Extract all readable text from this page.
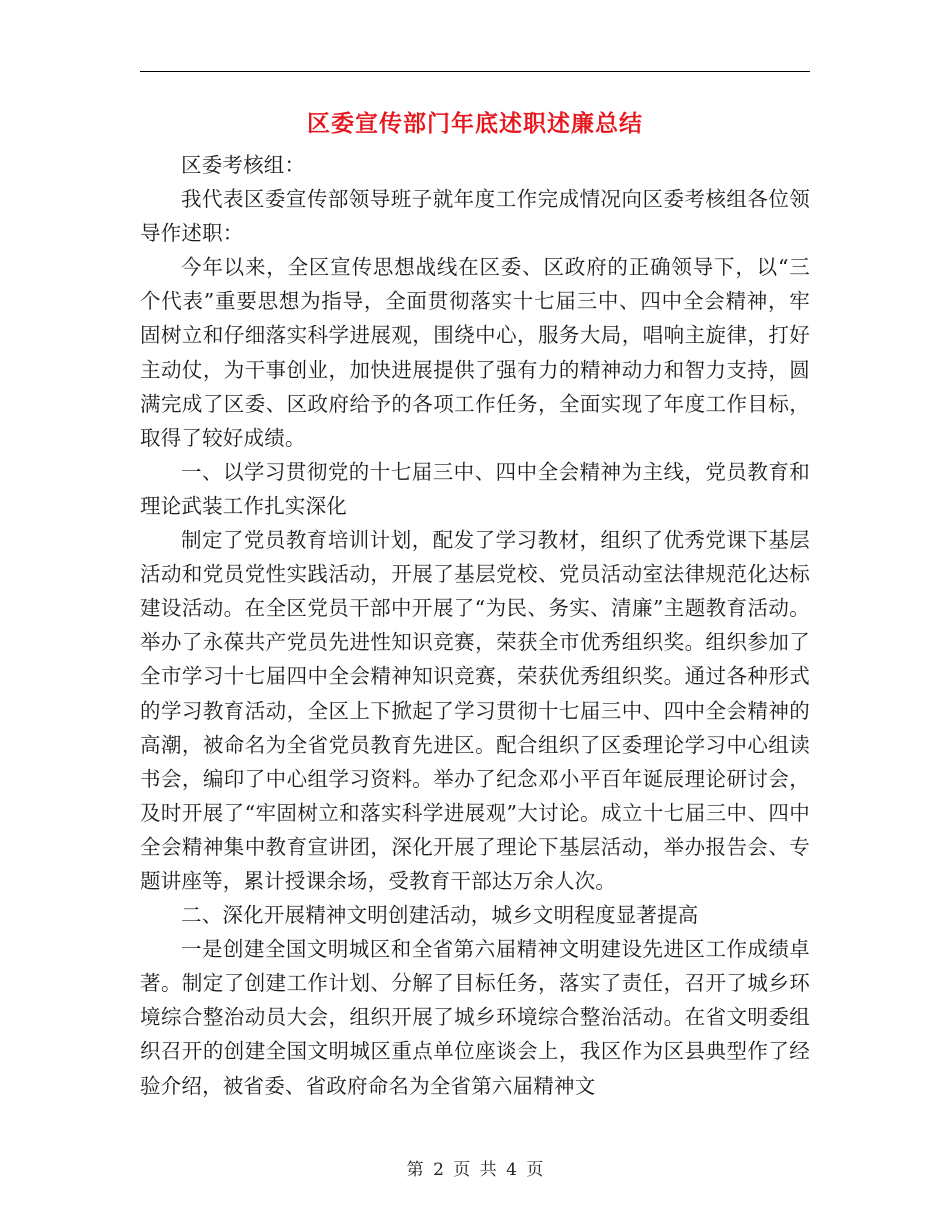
区委宣传部门年底述职述廉总结

区委考核组：

我代表区委宣传部领导班子就年度工作完成情况向区委考核组各位领导作述职：

今年以来，全区宣传思想战线在区委、区政府的正确领导下，以“三个代表”重要思想为指导，全面贯彻落实十七届三中、四中全会精神，牢固树立和仔细落实科学进展观，围绕中心，服务大局，唱响主旋律，打好主动仗，为干事创业，加快进展提供了强有力的精神动力和智力支持，圆满完成了区委、区政府给予的各项工作任务，全面实现了年度工作目标，取得了较好成绩。

一、以学习贯彻党的十七届三中、四中全会精神为主线，党员教育和理论武装工作扎实深化

制定了党员教育培训计划，配发了学习教材，组织了优秀党课下基层活动和党员党性实践活动，开展了基层党校、党员活动室法律规范化达标建设活动。在全区党员干部中开展了“为民、务实、清廉”主题教育活动。举办了永葆共产党员先进性知识竞赛，荣获全市优秀组织奖。组织参加了全市学习十七届四中全会精神知识竞赛，荣获优秀组织奖。通过各种形式的学习教育活动，全区上下掀起了学习贯彻十七届三中、四中全会精神的高潮，被命名为全省党员教育先进区。配合组织了区委理论学习中心组读书会，编印了中心组学习资料。举办了纪念邓小平百年诞辰理论研讨会，及时开展了“牢固树立和落实科学进展观”大讨论。成立十七届三中、四中全会精神集中教育宣讲团，深化开展了理论下基层活动，举办报告会、专题讲座等，累计授课余场，受教育干部达万余人次。

二、深化开展精神文明创建活动，城乡文明程度显著提高

一是创建全国文明城区和全省第六届精神文明建设先进区工作成绩卓著。制定了创建工作计划、分解了目标任务，落实了责任，召开了城乡环境综合整治动员大会，组织开展了城乡环境综合整治活动。在省文明委组织召开的创建全国文明城区重点单位座谈会上，我区作为区县典型作了经验介绍，被省委、省政府命名为全省第六届精神文

第 2 页 共 4 页
